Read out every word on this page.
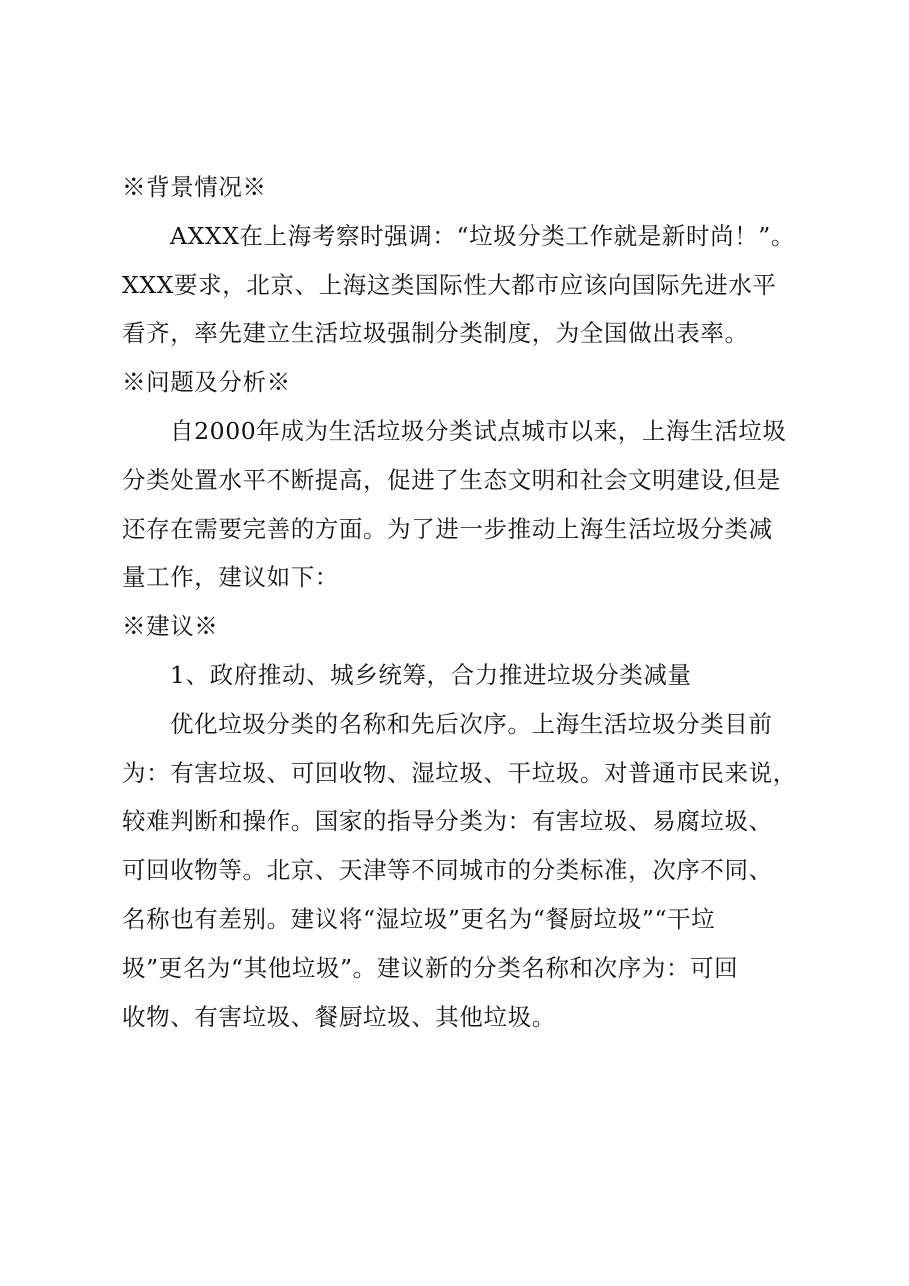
※背景情况※
AXXX在上海考察时强调：“垃圾分类工作就是新时尚！”。
XXX要求，北京、上海这类国际性大都市应该向国际先进水平
看齐，率先建立生活垃圾强制分类制度，为全国做出表率。
※问题及分析※
自2000年成为生活垃圾分类试点城市以来，上海生活垃圾
分类处置水平不断提高，促进了生态文明和社会文明建设,但是
还存在需要完善的方面。为了进一步推动上海生活垃圾分类减
量工作，建议如下：
※建议※
1、政府推动、城乡统筹，合力推进垃圾分类减量
优化垃圾分类的名称和先后次序。上海生活垃圾分类目前
为：有害垃圾、可回收物、湿垃圾、干垃圾。对普通市民来说，
较难判断和操作。国家的指导分类为：有害垃圾、易腐垃圾、
可回收物等。北京、天津等不同城市的分类标准，次序不同、
名称也有差别。建议将“湿垃圾”更名为“餐厨垃圾”“干垃
圾”更名为“其他垃圾”。建议新的分类名称和次序为：可回
收物、有害垃圾、餐厨垃圾、其他垃圾。
